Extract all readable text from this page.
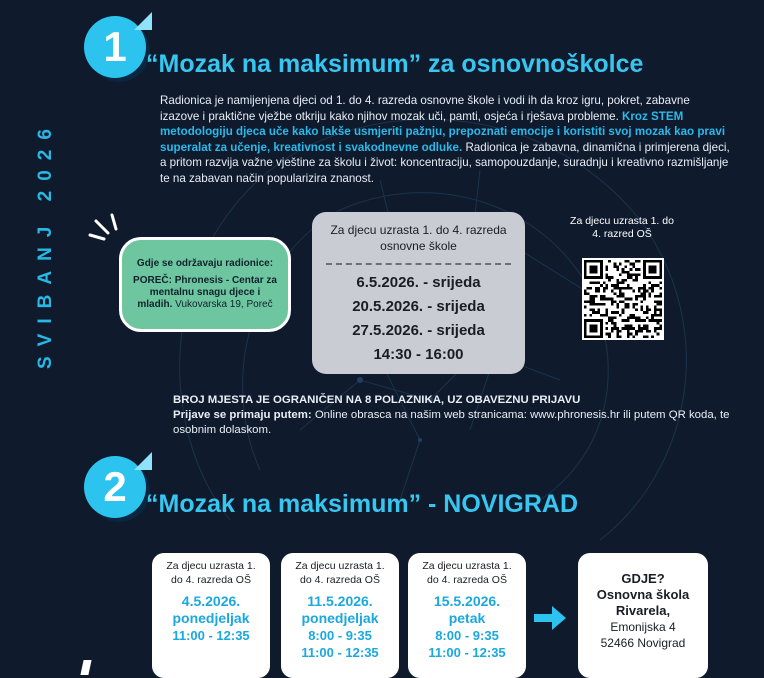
SVIBANJ 2026
1 “Mozak na maksimum” za osnovnoškolce
Radionica je namijenjena djeci od 1. do 4. razreda osnovne škole i vodi ih da kroz igru, pokret, zabavne izazove i praktične vježbe otkriju kako njihov mozak uči, pamti, osjeća i rješava probleme. Kroz STEM metodologiju djeca uče kako lakše usmjeriti pažnju, prepoznati emocije i koristiti svoj mozak kao pravi superalat za učenje, kreativnost i svakodnevne odluke. Radionica je zabavna, dinamična i primjerena djeci, a pritom razvija važne vještine za školu i život: koncentraciju, samopouzdanje, suradnju i kreativno razmišljanje te na zabavan način popularizira znanost.
Gdje se održavaju radionice:
POREČ: Phronesis - Centar za mentalnu snagu djece i mladih. Vukovarska 19, Poreč
Za djecu uzrasta 1. do 4. razreda osnovne škole
6.5.2026. - srijeda
20.5.2026. - srijeda
27.5.2026. - srijeda
14:30 - 16:00
Za djecu uzrasta 1. do 4. razred OŠ
BROJ MJESTA JE OGRANIČEN NA 8 POLAZNIKA, UZ OBAVEZNU PRIJAVU
Prijave se primaju putem: Online obrasca na našim web stranicama: www.phronesis.hr ili putem QR koda, te osobnim dolaskom.
2 “Mozak na maksimum” - NOVIGRAD
Za djecu uzrasta 1. do 4. razreda OŠ
4.5.2026.
ponedjeljak
11:00 - 12:35
Za djecu uzrasta 1. do 4. razreda OŠ
11.5.2026.
ponedjeljak
8:00 - 9:35
11:00 - 12:35
Za djecu uzrasta 1. do 4. razreda OŠ
15.5.2026.
petak
8:00 - 9:35
11:00 - 12:35
GDJE?
Osnovna škola Rivarela,
Emonijska 4
52466 Novigrad
